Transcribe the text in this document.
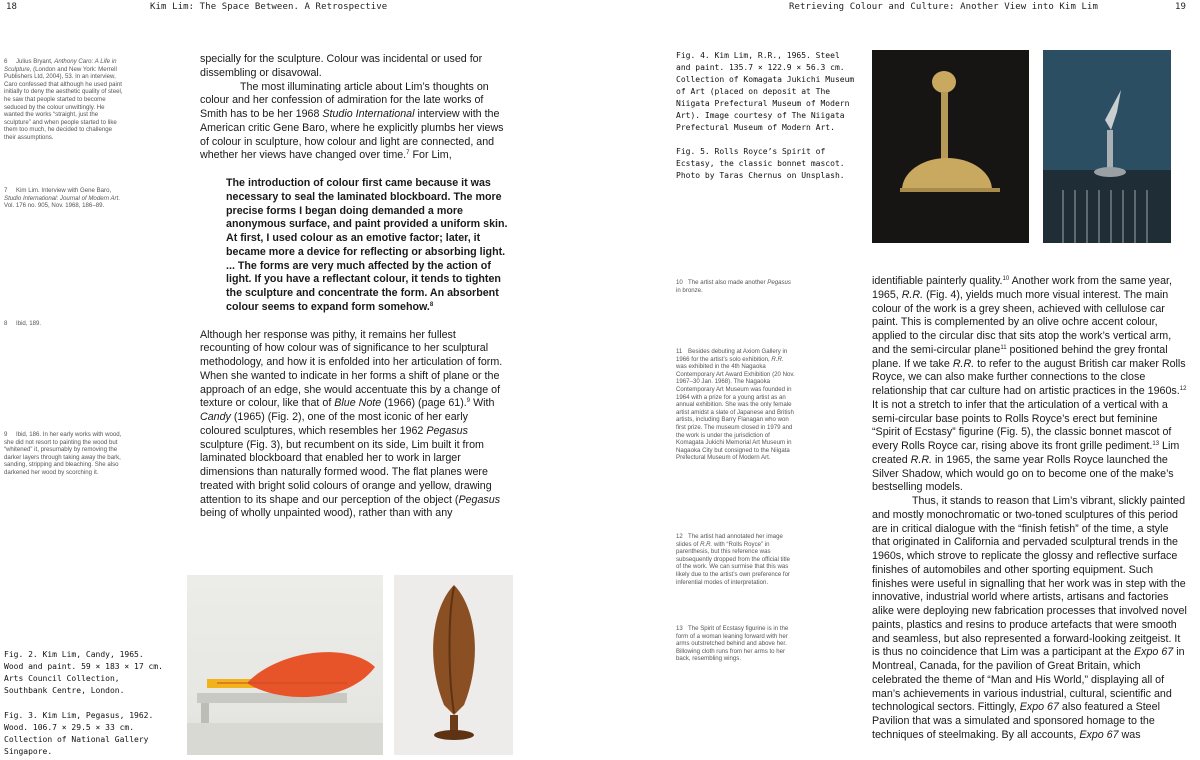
18	Kim Lim: The Space Between. A Retrospective	Retrieving Colour and Culture: Another View into Kim Lim	19

6 Julius Bryant, Anthony Caro: A Life in Sculpture, (London and New York: Merrell Publishers Ltd, 2004), 53. In an interview, Caro confessed that although he used paint initially to deny the aesthetic quality of steel, he saw that people started to become seduced by the colour unwittingly. He wanted the works “straight, just the sculpture” and when people started to like them too much, he decided to challenge their assumptions.

7 Kim Lim. Interview with Gene Baro, Studio International: Journal of Modern Art. Vol. 176 no. 905, Nov. 1968, 186–89.

8 Ibid, 189.

9 Ibid, 186. In her early works with wood, she did not resort to painting the wood but “whitened” it, presumably by removing the darker layers through taking away the bark, sanding, stripping and bleaching. She also darkened her wood by scorching it.

specially for the sculpture. Colour was incidental or used for dissembling or disavowal.

The most illuminating article about Lim’s thoughts on colour and her confession of admiration for the late works of Smith has to be her 1968 Studio International interview with the American critic Gene Baro, where he explicitly plumbs her views of colour in sculpture, how colour and light are connected, and whether her views have changed over time.$^7$ For Lim,

The introduction of colour first came because it was necessary to seal the laminated blockboard. The more precise forms I began doing demanded a more anonymous surface, and paint provided a uniform skin. At first, I used colour as an emotive factor; later, it became more a device for reflecting or absorbing light.

... The forms are very much affected by the action of light. If you have a reflectant colour, it tends to tighten the sculpture and concentrate the form. An absorbent colour seems to expand form somehow.$^8$

Although her response was pithy, it remains her fullest recounting of how colour was of significance to her sculptural methodology, and how it is enfolded into her articulation of form. When she wanted to indicate in her forms a shift of plane or the approach of an edge, she would accentuate this by a change of texture or colour, like that of Blue Note (1966) (page 61).$^9$ With Candy (1965) (Fig. 2), one of the most iconic of her early coloured sculptures, which resembles her 1962 Pegasus sculpture (Fig. 3), but recumbent on its side, Lim built it from laminated blockboard that enabled her to work in larger dimensions than naturally formed wood. The flat planes were treated with bright solid colours of orange and yellow, drawing attention to its shape and our perception of the object (Pegasus being of wholly unpainted wood), rather than with any

Fig. 2. Kim Lim, Candy, 1965.
Wood and paint. 59 × 183 × 17 cm.
Arts Council Collection,
Southbank Centre, London.
Fig. 3. Kim Lim, Pegasus, 1962.
Wood. 106.7 × 29.5 × 33 cm.
Collection of National Gallery
Singapore.
Fig. 4. Kim Lim, R.R., 1965. Steel
and paint. 135.7 × 122.9 × 56.3 cm.
Collection of Komagata Jukichi Museum
of Art (placed on deposit at The
Niigata Prefectural Museum of Modern
Art). Image courtesy of The Niigata
Prefectural Museum of Modern Art.
Fig. 5. Rolls Royce’s Spirit of
Ecstasy, the classic bonnet mascot.
Photo by Taras Chernus on Unsplash.

10 The artist also made another Pegasus in bronze.

11 Besides debuting at Axiom Gallery in 1966 for the artist’s solo exhibition, R.R. was exhibited in the 4th Nagaoka Contemporary Art Award Exhibition (20 Nov. 1967–30 Jan. 1968). The Nagaoka Contemporary Art Museum was founded in 1964 with a prize for a young artist as an annual exhibition. She was the only female artist amidst a slate of Japanese and British artists, including Barry Flanagan who won first prize. The museum closed in 1979 and the work is under the jurisdiction of Komagata Jukichi Memorial Art Museum in Nagaoka City but consigned to the Niigata Prefectural Museum of Modern Art.

12 The artist had annotated her image slides of R.R. with “Rolls Royce” in parenthesis, but this reference was subsequently dropped from the official title of the work. We can surmise that this was likely due to the artist’s own preference for inferential modes of interpretation.

13 The Spirit of Ecstasy figurine is in the form of a woman leaning forward with her arms outstretched behind and above her. Billowing cloth runs from her arms to her back, resembling wings.

identifiable painterly quality.$^{10}$ Another work from the same year, 1965, R.R. (Fig. 4), yields much more visual interest. The main colour of the work is a grey sheen, achieved with cellulose car paint. This is complemented by an olive ochre accent colour, applied to the circular disc that sits atop the work’s vertical arm, and the semi-circular plane$^{11}$ positioned behind the grey frontal plane. If we take R.R. to refer to the august British car maker Rolls Royce, we can also make further connections to the close relationship that car culture had on artistic practices in the 1960s.$^{12}$ It is not a stretch to infer that the articulation of a vertical with a semi-circular base points to Rolls Royce’s erect but feminine “Spirit of Ecstasy” figurine (Fig. 5), the classic bonnet mascot of every Rolls Royce car, rising above its front grille pediment.$^{13}$ Lim created R.R. in 1965, the same year Rolls Royce launched the Silver Shadow, which would go on to become one of the make’s bestselling models.

Thus, it stands to reason that Lim’s vibrant, slickly painted and mostly monochromatic or two-toned sculptures of this period are in critical dialogue with the “finish fetish” of the time, a style that originated in California and pervaded sculptural trends in the 1960s, which strove to replicate the glossy and reflective surface finishes of automobiles and other sporting equipment. Such finishes were useful in signalling that her work was in step with the innovative, industrial world where artists, artisans and factories alike were deploying new fabrication processes that involved novel paints, plastics and resins to produce artefacts that were smooth and seamless, but also represented a forward-looking zeitgeist. It is thus no coincidence that Lim was a participant at the Expo 67 in Montreal, Canada, for the pavilion of Great Britain, which celebrated the theme of “Man and His World,” displaying all of man’s achievements in various industrial, cultural, scientific and technological sectors. Fittingly, Expo 67 also featured a Steel Pavilion that was a simulated and sponsored homage to the techniques of steelmaking. By all accounts, Expo 67 was
